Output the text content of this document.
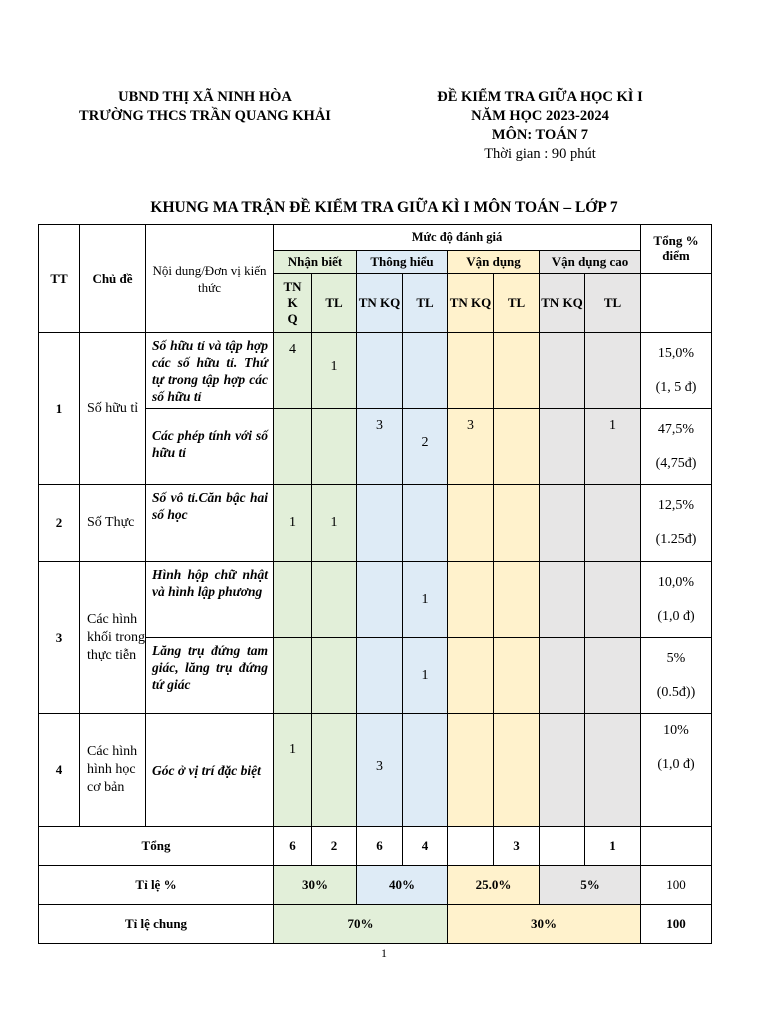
UBND THỊ XÃ NINH HÒA
TRƯỜNG THCS TRẦN QUANG KHẢI
ĐỀ KIỂM TRA GIỮA HỌC KÌ I
NĂM HỌC 2023-2024
MÔN: TOÁN 7
Thời gian : 90 phút
KHUNG MA TRẬN ĐỀ KIỂM TRA GIỮA KÌ I MÔN TOÁN – LỚP 7
TT	Chủ đề	Nội dung/Đơn vị kiến thức	Mức độ đánh giá								Tổng % điểm
			Nhận biết		Thông hiểu		Vận dụng		Vận dụng cao		

			TN K Q	TL	TN KQ	TL	TN KQ	TL	TN KQ	TL	
1	Số hữu tỉ	Số hữu tỉ và tập hợp các số hữu tỉ. Thứ tự trong tập hợp các số hữu tỉ	4	1							15,0%
(1, 5 đ)

		Các phép tính với số hữu tỉ			3	2	3			1	47,5%
(4,75đ)

2	Số Thực	Số vô tỉ.Căn bậc hai số học	1	1							12,5%
(1.25đ)

3	Các hình khối trong thực tiễn	Hình hộp chữ nhật và hình lập phương				1					10,0%
(1,0 đ)

		Lăng trụ đứng tam giác, lăng trụ đứng tứ giác				1					5%
(0.5đ))

4	Các hình hình học cơ bản	Góc ở vị trí đặc biệt	1		3						10%
(1,0 đ)

Tổng			6	2	6	4		3		1	
Tỉ lệ %			30%		40%		25.0%		5%		100
Tỉ lệ chung			70%				30%				100
1
